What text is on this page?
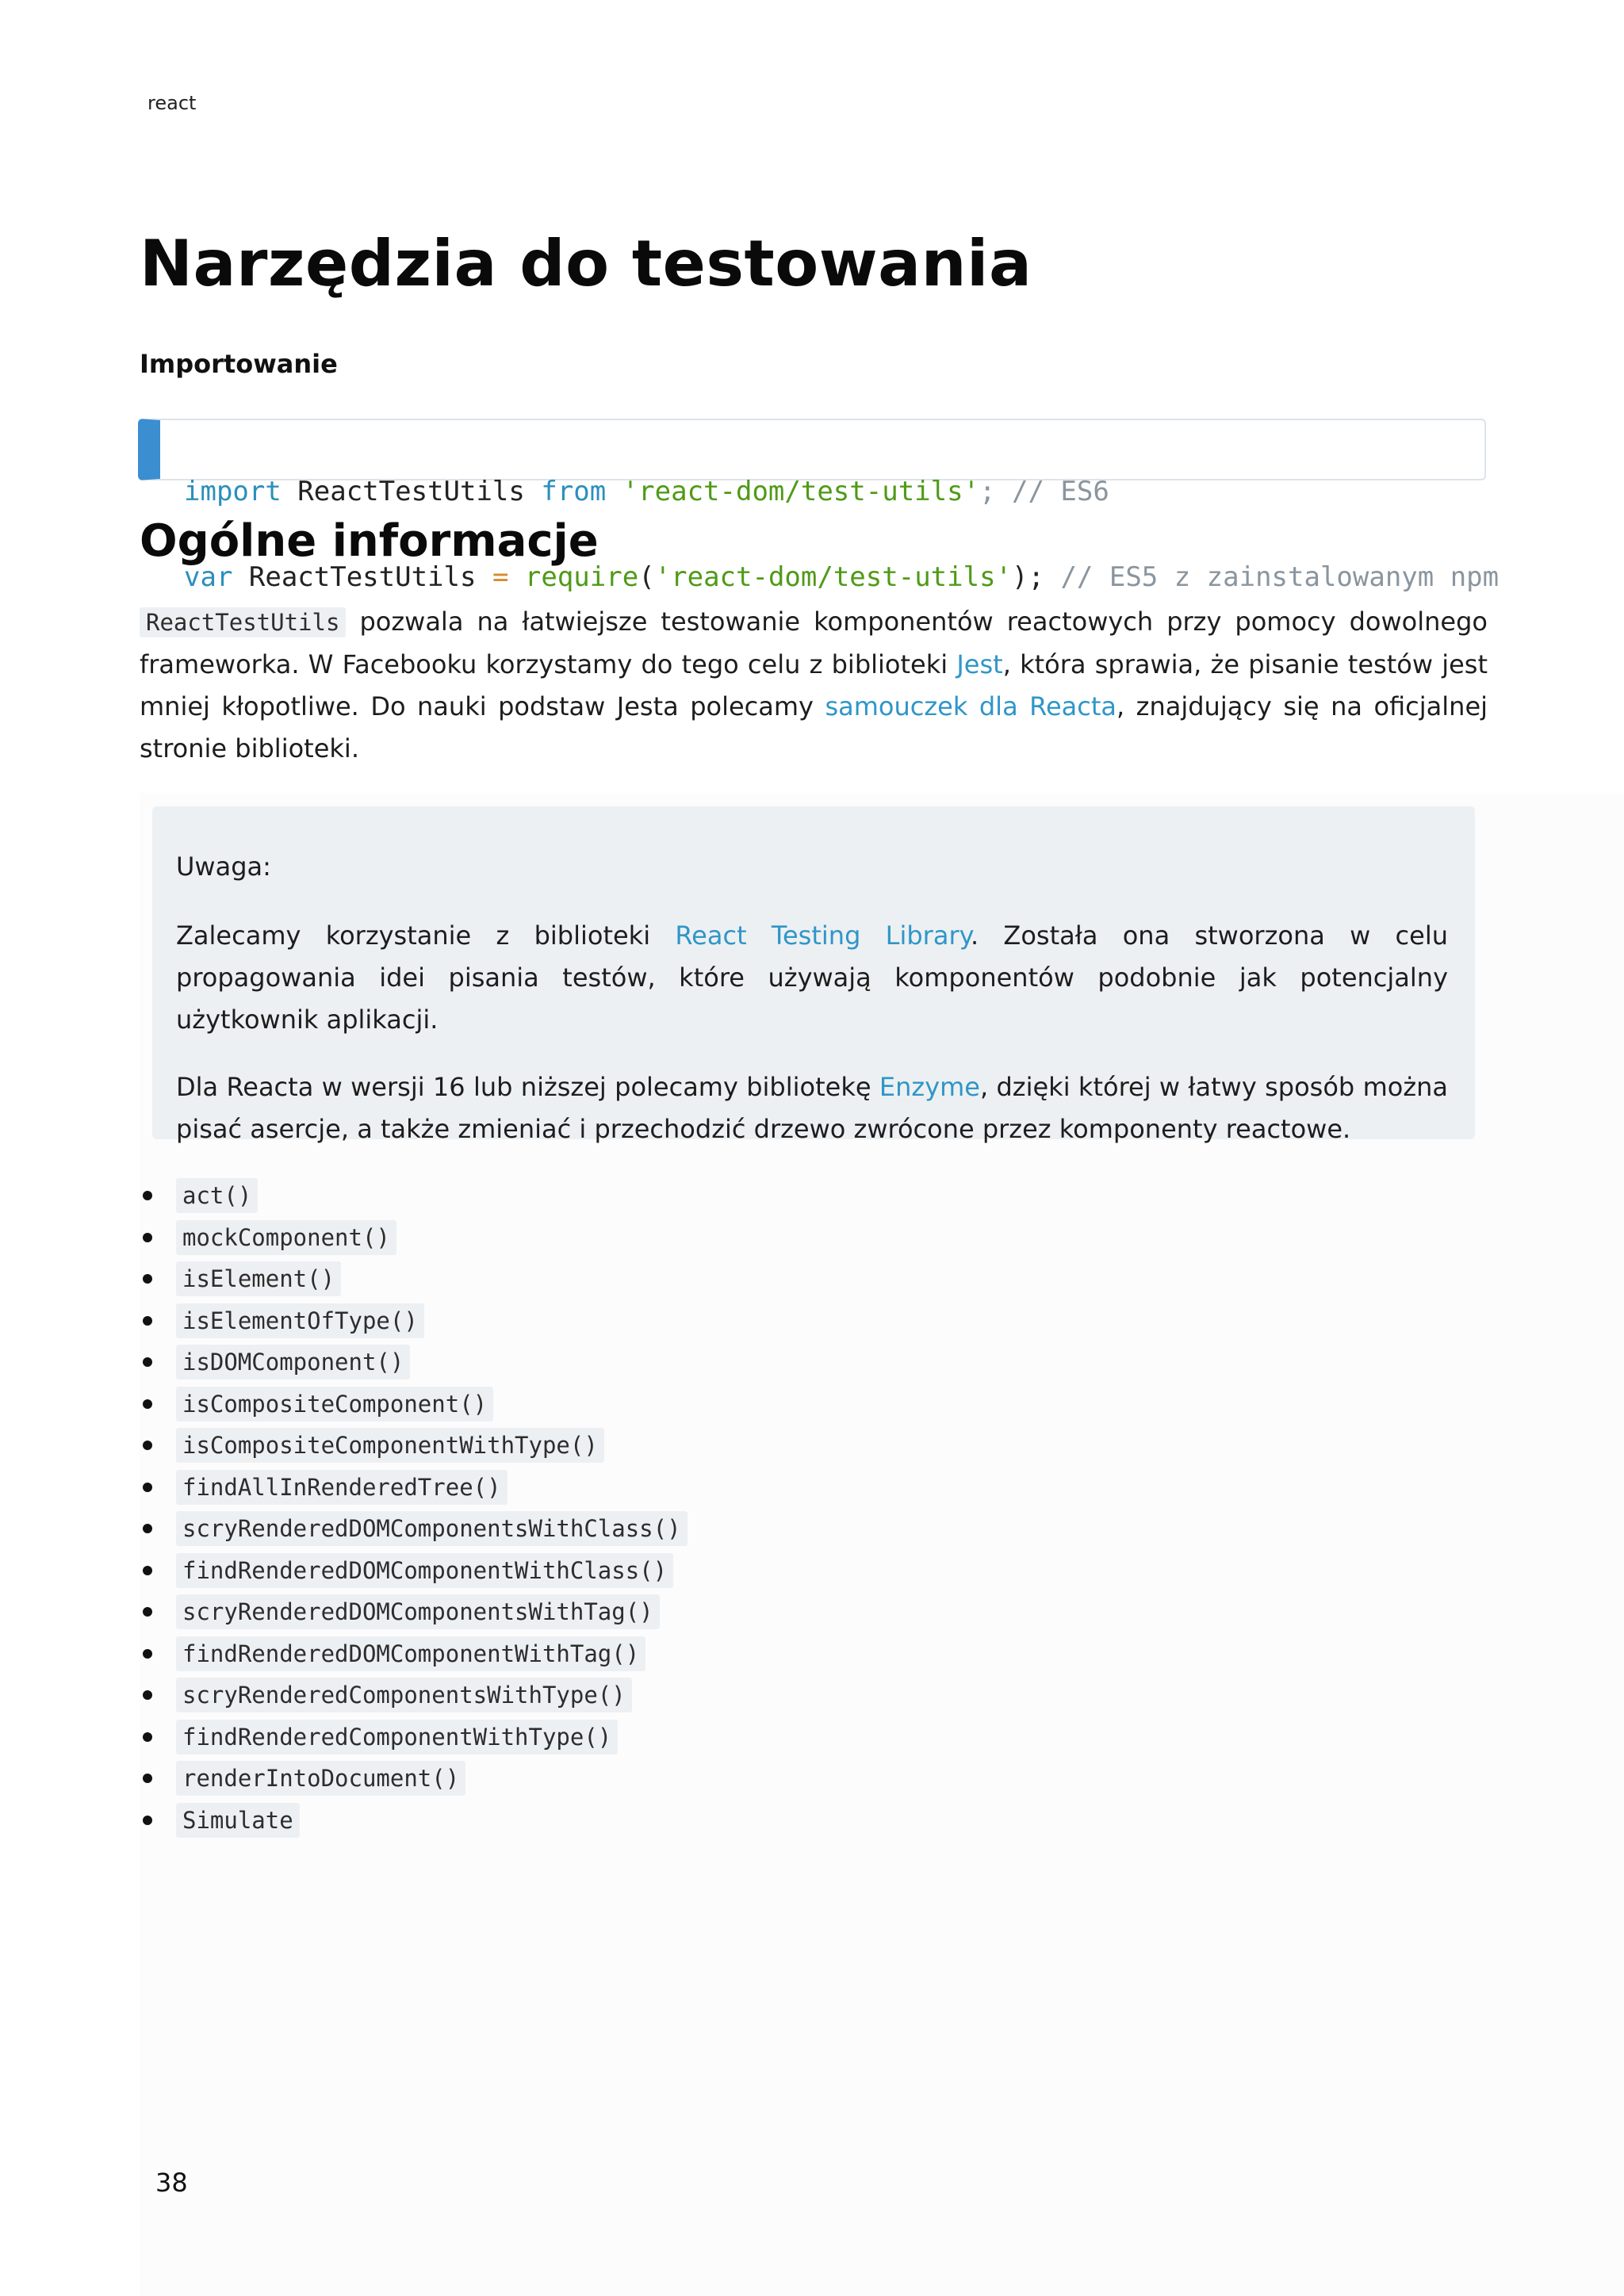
react
Narzędzia do testowania
Importowanie

import ReactTestUtils from 'react-dom/test-utils'; // ES6

var ReactTestUtils = require('react-dom/test-utils'); // ES5 z zainstalowanym npm

Ogólne informacje

ReactTestUtils pozwala na łatwiejsze testowanie komponentów reactowych przy pomocy dowolnego frameworka. W Facebooku korzystamy do tego celu z biblioteki Jest, która sprawia, że pisanie testów jest mniej kłopotliwe. Do nauki podstaw Jesta polecamy samouczek dla Reacta, znajdujący się na oficjalnej stronie biblioteki.

Uwaga:

Zalecamy korzystanie z biblioteki React Testing Library. Została ona stworzona w celu propagowania idei pisania testów, które używają komponentów podobnie jak potencjalny użytkownik aplikacji.

Dla Reacta w wersji 16 lub niższej polecamy bibliotekę Enzyme, dzięki której w łatwy sposób można pisać asercje, a także zmieniać i przechodzić drzewo zwrócone przez komponenty reactowe.

act()
mockComponent()
isElement()
isElementOfType()
isDOMComponent()
isCompositeComponent()
isCompositeComponentWithType()
findAllInRenderedTree()
scryRenderedDOMComponentsWithClass()
findRenderedDOMComponentWithClass()
scryRenderedDOMComponentsWithTag()
findRenderedDOMComponentWithTag()
scryRenderedComponentsWithType()
findRenderedComponentWithType()
renderIntoDocument()
Simulate
38
